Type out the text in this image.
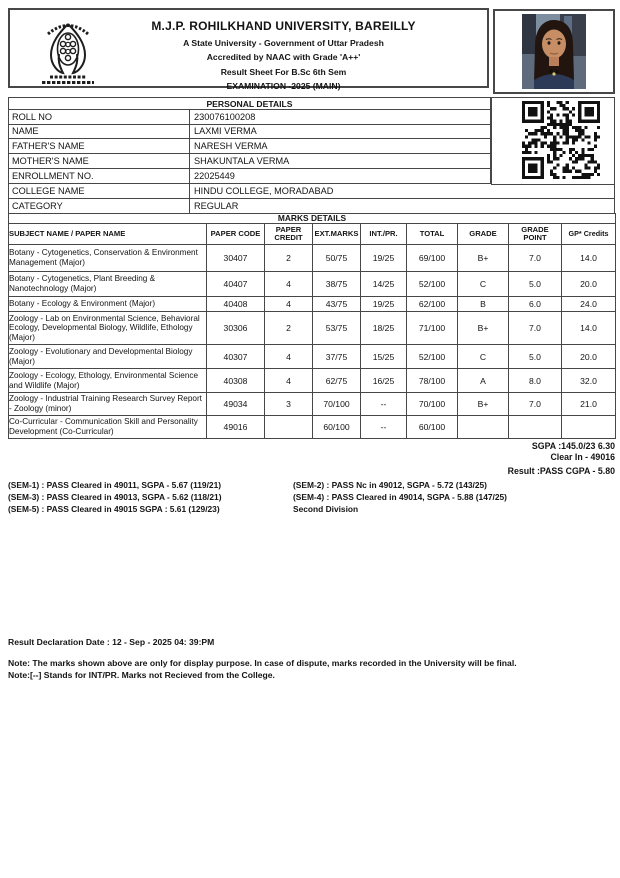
M.J.P. ROHILKHAND UNIVERSITY, BAREILLY
A State University - Government of Uttar Pradesh
Accredited by NAAC with Grade 'A++'
Result Sheet For B.Sc 6th Sem
EXAMINATION -2025 (MAIN)
PERSONAL DETAILS
ROLL NO	230076100208
NAME	LAXMI VERMA
FATHER'S NAME	NARESH VERMA
MOTHER'S NAME	SHAKUNTALA VERMA
ENROLLMENT NO.	22025449
COLLEGE NAME	HINDU COLLEGE, MORADABAD
CATEGORY	REGULAR
MARKS DETAILS								
SUBJECT NAME / PAPER NAME	PAPER CODE	PAPER CREDIT	EXT.MARKS	INT./PR.	TOTAL	GRADE	GRADE POINT	GP* Credits
Botany - Cytogenetics, Conservation & Environment Management (Major)	30407	2	50/75	19/25	69/100	B+	7.0	14.0
Botany - Cytogenetics, Plant Breeding & Nanotechnology (Major)	40407	4	38/75	14/25	52/100	C	5.0	20.0
Botany - Ecology & Environment (Major)	40408	4	43/75	19/25	62/100	B	6.0	24.0
Zoology - Lab on Environmental Science, Behavioral Ecology, Developmental Biology, Wildlife, Ethology (Major)	30306	2	53/75	18/25	71/100	B+	7.0	14.0
Zoology - Evolutionary and Developmental Biology (Major)	40307	4	37/75	15/25	52/100	C	5.0	20.0
Zoology - Ecology, Ethology, Environmental Science and Wildlife (Major)	40308	4	62/75	16/25	78/100	A	8.0	32.0
Zoology - Industrial Training Research Survey Report - Zoology (minor)	49034	3	70/100	--	70/100	B+	7.0	21.0
Co-Curricular - Communication Skill and Personality Development (Co-Curricular)	49016		60/100	--	60/100			
SGPA :145.0/23 6.30
Clear In - 49016
Result :PASS CGPA - 5.80
(SEM-1) : PASS Cleared in 49011, SGPA - 5.67 (119/21)
(SEM-3) : PASS Cleared in 49013, SGPA - 5.62 (118/21)
(SEM-5) : PASS Cleared in 49015 SGPA : 5.61 (129/23)
(SEM-2) : PASS Nc in 49012, SGPA - 5.72 (143/25)
(SEM-4) : PASS Cleared in 49014, SGPA - 5.88 (147/25)
Second Division
Result Declaration Date : 12 - Sep - 2025 04: 39:PM
Note: The marks shown above are only for display purpose. In case of dispute, marks recorded in the University will be final.
Note:[--] Stands for INT/PR. Marks not Recieved from the College.
